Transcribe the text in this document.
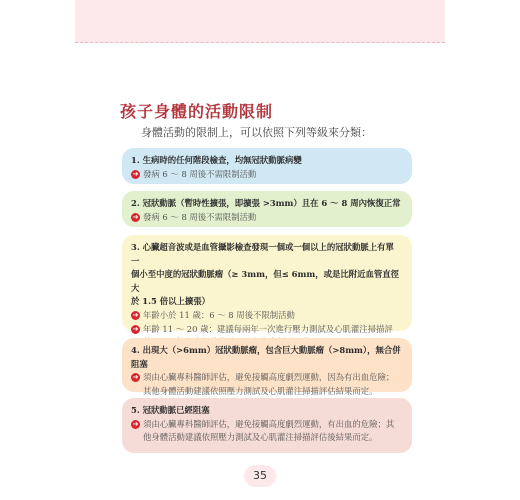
孩子身體的活動限制
身體活動的限制上，可以依照下列等級來分類：
1. 生病時的任何階段檢查，均無冠狀動脈病變
➜ 發病 6 ～ 8 周後不需限制活動
2. 冠狀動脈（暫時性擴張，即擴張 >3mm）且在 6 ～ 8 周內恢復正常
➜ 發病 6 ～ 8 周後不需限制活動
3. 心臟超音波或是血管攝影檢查發現一個或一個以上的冠狀動脈上有單一
個小至中度的冠狀動脈瘤（≥ 3mm，但≤ 6mm，或是比附近血管直徑大
於 1.5 倍以上擴張）
➜ 年齡小於 11 歲：6 ～ 8 周後不限制活動
➜ 年齡 11 ～ 20 歲：建議每兩年一次進行壓力測試及心肌灌注掃描評
4. 出現大（>6mm）冠狀動脈瘤，包含巨大動脈瘤（>8mm），無合併阻塞
➜ 須由心臟專科醫師評估，避免接觸高度劇烈運動，因為有出血危險；
其他身體活動建議依照壓力測試及心肌灌注掃描評估結果而定。
5. 冠狀動脈已經阻塞
➜ 須由心臟專科醫師評估，避免接觸高度劇烈運動，有出血的危險；其
他身體活動建議依照壓力測試及心肌灌注掃描評估後結果而定。
35
